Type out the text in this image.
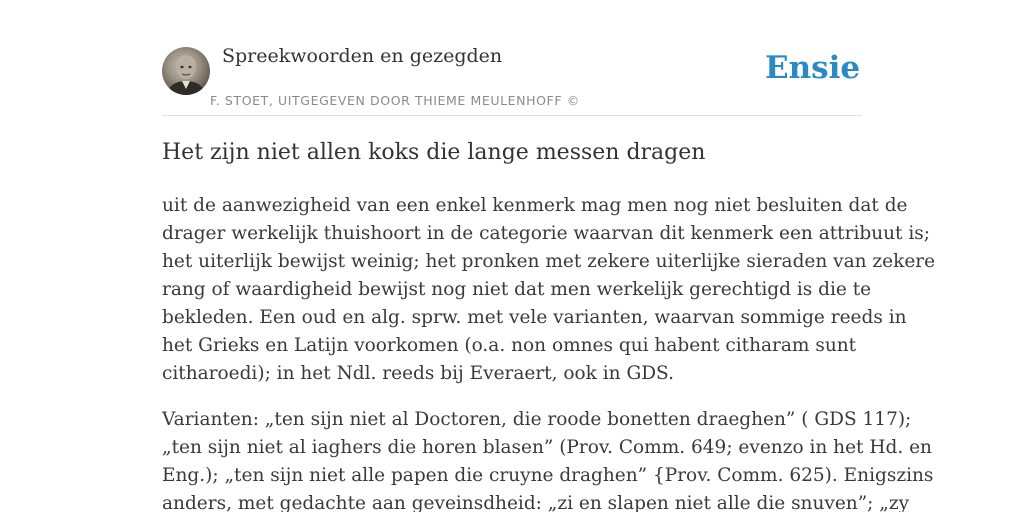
Spreekwoorden en gezegden
F. STOET, UITGEGEVEN DOOR THIEME MEULENHOFF ©
Ensie
Het zijn niet allen koks die lange messen dragen

uit de aanwezigheid van een enkel kenmerk mag men nog niet besluiten dat de
drager werkelijk thuishoort in de categorie waarvan dit kenmerk een attribuut is;
het uiterlijk bewijst weinig; het pronken met zekere uiterlijke sieraden van zekere
rang of waardigheid bewijst nog niet dat men werkelijk gerechtigd is die te
bekleden. Een oud en alg. sprw. met vele varianten, waarvan sommige reeds in
het Grieks en Latijn voorkomen (o.a. non omnes qui habent citharam sunt
citharoedi); in het Ndl. reeds bij Everaert, ook in GDS.

Varianten: „ten sijn niet al Doctoren, die roode bonetten draeghen” ( GDS 117);
„ten sijn niet al iaghers die horen blasen” (Prov. Comm. 649; evenzo in het Hd. en
Eng.); „ten sijn niet alle papen die cruyne draghen” {Prov. Comm. 625). Enigszins
anders, met gedachte aan geveinsdheid: „zi en slapen niet alle die snuven”; „zy
